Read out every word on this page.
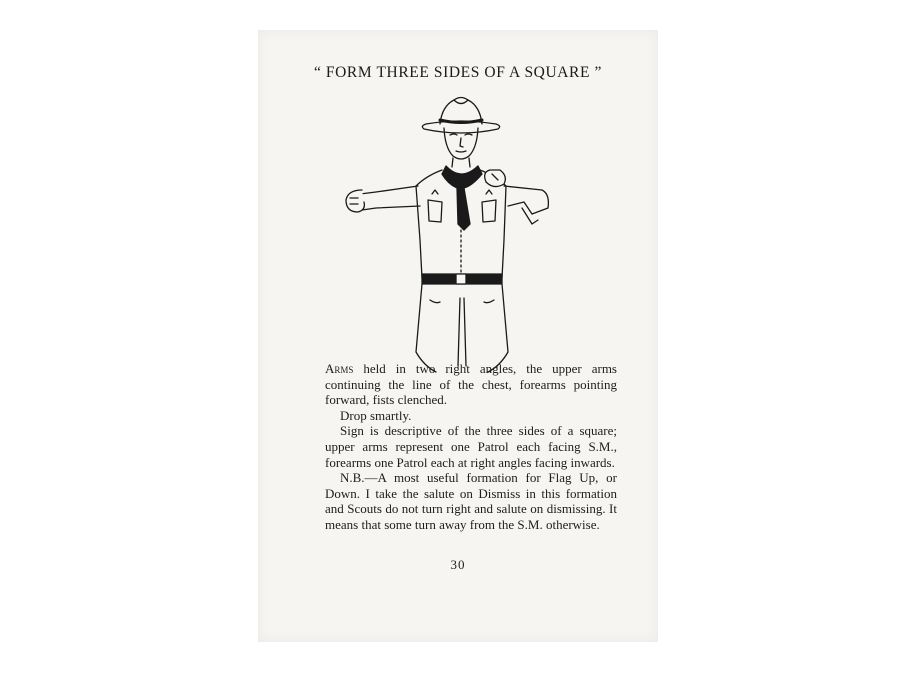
“ FORM THREE SIDES OF A SQUARE ”

Arms held in two right angles, the upper arms continuing the line of the chest, forearms pointing forward, fists clenched.

Drop smartly.

Sign is descriptive of the three sides of a square; upper arms represent one Patrol each facing S.M., forearms one Patrol each at right angles facing inwards.

N.B.—A most useful formation for Flag Up, or Down. I take the salute on Dismiss in this formation and Scouts do not turn right and salute on dismissing. It means that some turn away from the S.M. otherwise.

30
